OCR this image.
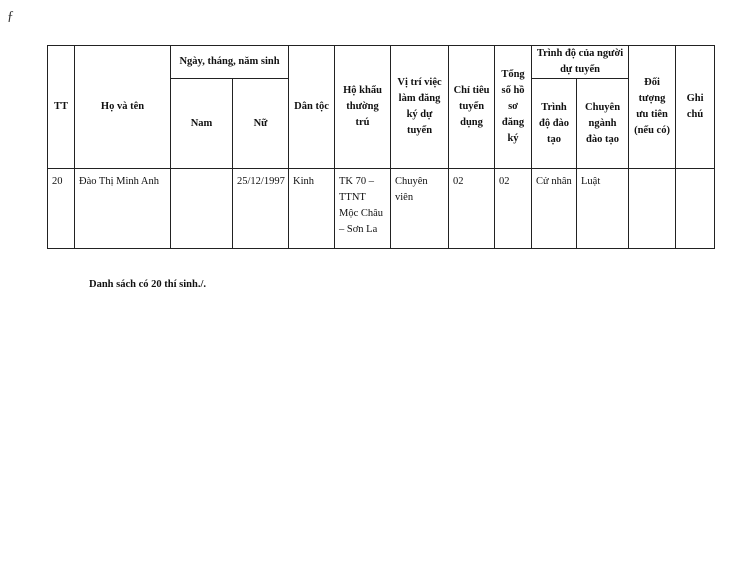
ƒ
TT	Họ và tên	Ngày, tháng, năm sinh		Dân tộc	Hộ khẩu thường trú	Vị trí việc làm đăng ký dự tuyển	Chỉ tiêu tuyển dụng	Tổng số hồ sơ đăng ký	Trình độ của người dự tuyển		Đối tượng ưu tiên (nếu có)	Ghi chú
		Nam	Nữ						Trình độ đào tạo	Chuyên ngành đào tạo		
20	Đào Thị Minh Anh		25/12/1997	Kinh	TK 70 – TTNT Mộc Châu – Sơn La	Chuyên viên	02	02	Cử nhân	Luật		
Danh sách có 20 thí sinh./.
